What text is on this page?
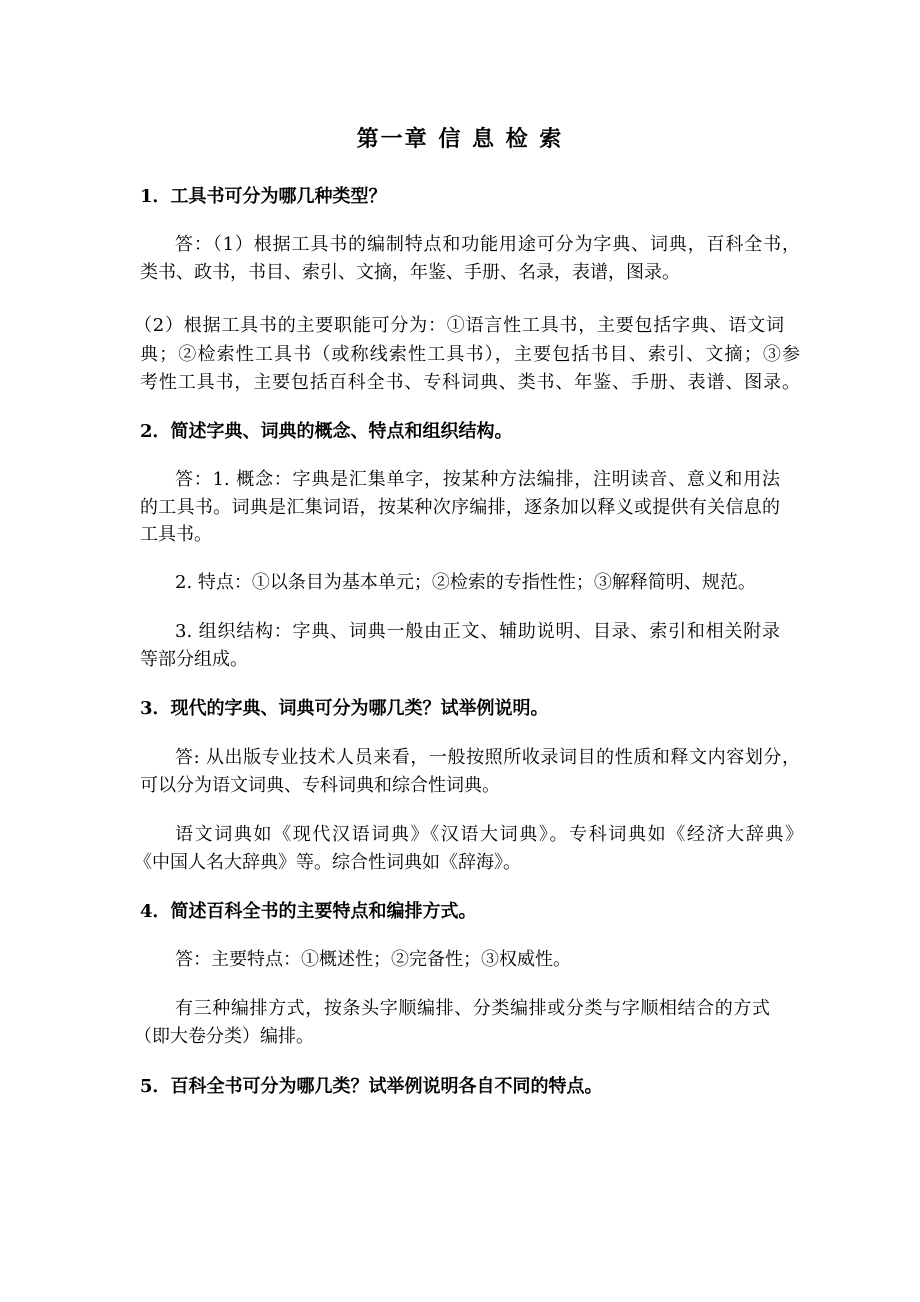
第一章 信 息 检 索
1．工具书可分为哪几种类型？
答：（1）根据工具书的编制特点和功能用途可分为字典、词典，百科全书，
类书、政书，书目、索引、文摘，年鉴、手册、名录，表谱，图录。
（2）根据工具书的主要职能可分为：①语言性工具书，主要包括字典、语文词
典；②检索性工具书（或称线索性工具书），主要包括书目、索引、文摘；③参
考性工具书，主要包括百科全书、专科词典、类书、年鉴、手册、表谱、图录。
2．简述字典、词典的概念、特点和组织结构。
答：1. 概念：字典是汇集单字，按某种方法编排，注明读音、意义和用法
的工具书。词典是汇集词语，按某种次序编排，逐条加以释义或提供有关信息的
工具书。
2. 特点：①以条目为基本单元；②检索的专指性性；③解释简明、规范。
3. 组织结构：字典、词典一般由正文、辅助说明、目录、索引和相关附录
等部分组成。
3．现代的字典、词典可分为哪几类？试举例说明。
答: 从出版专业技术人员来看，一般按照所收录词目的性质和释文内容划分，
可以分为语文词典、专科词典和综合性词典。
语文词典如《现代汉语词典》《汉语大词典》。专科词典如《经济大辞典》
《中国人名大辞典》等。综合性词典如《辞海》。
4．简述百科全书的主要特点和编排方式。
答：主要特点：①概述性；②完备性；③权威性。
有三种编排方式，按条头字顺编排、分类编排或分类与字顺相结合的方式
（即大卷分类）编排。
5．百科全书可分为哪几类？试举例说明各自不同的特点。
